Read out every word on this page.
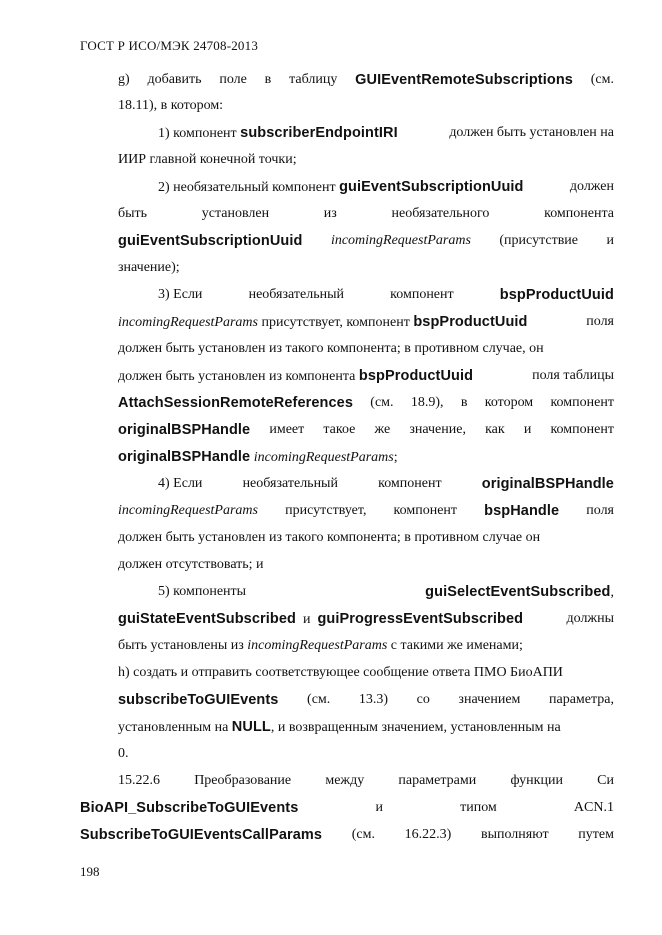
ГОСТ Р ИСО/МЭК 24708-2013
g) добавить поле в таблицу GUIEventRemoteSubscriptions (см.
18.11), в котором:
1) компонент subscriberEndpointIRI	должен быть установлен на
ИИР главной конечной точки;
2) необязательный компонент guiEventSubscriptionUuid	должен
быть	установлен	из	необязательного	компонента
guiEventSubscriptionUuid incomingRequestParams (присутствие и
значение);
3) Если	необязательный	компонент	bspProductUuid
incomingRequestParams присутствует, компонент bspProductUuid	поля
должен быть установлен из такого компонента; в противном случае, он
должен быть установлен из компонента bspProductUuid	поля таблицы
AttachSessionRemoteReferences (см. 18.9), в котором компонент
originalBSPHandle имеет такое же значение, как и компонент
originalBSPHandle incomingRequestParams;
4) Если	необязательный	компонент	originalBSPHandle
incomingRequestParams присутствует, компонент bspHandle поля
должен быть установлен из такого компонента; в противном случае он
должен отсутствовать; и
5) компоненты	guiSelectEventSubscribed,
guiStateEventSubscribed и guiProgressEventSubscribed	должны
быть установлены из incomingRequestParams с такими же именами;
h) создать и отправить соответствующее сообщение ответа ПМО БиоАПИ
subscribeToGUIEvents (см. 13.3) со значением параметра,
установленным на NULL, и возвращенным значением, установленным на
0.
15.22.6 Преобразование между параметрами функции Си
BioAPI_SubscribeToGUIEvents	и	типом	ACN.1
SubscribeToGUIEventsCallParams (см. 16.22.3) выполняют путем
198
